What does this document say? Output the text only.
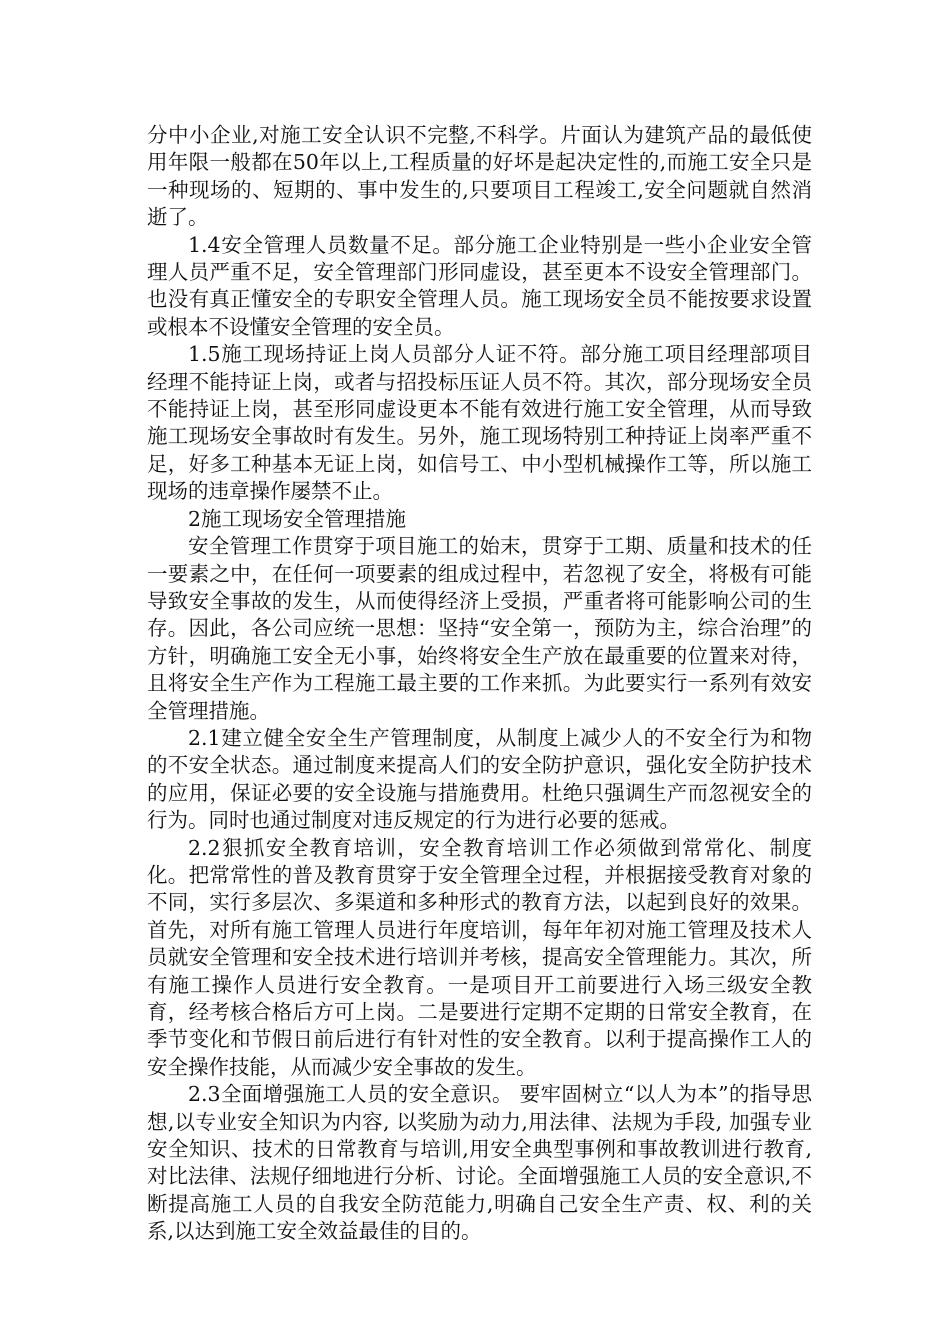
分中小企业,对施工安全认识不完整,不科学。片面认为建筑产品的最低使用年限一般都在50年以上,工程质量的好坏是起决定性的,而施工安全只是一种现场的、短期的、事中发生的,只要项目工程竣工,安全问题就自然消逝了。

1.4安全管理人员数量不足。部分施工企业特别是一些小企业安全管理人员严重不足，安全管理部门形同虚设，甚至更本不设安全管理部门。也没有真正懂安全的专职安全管理人员。施工现场安全员不能按要求设置或根本不设懂安全管理的安全员。

1.5施工现场持证上岗人员部分人证不符。部分施工项目经理部项目经理不能持证上岗，或者与招投标压证人员不符。其次，部分现场安全员不能持证上岗，甚至形同虚设更本不能有效进行施工安全管理，从而导致施工现场安全事故时有发生。另外，施工现场特别工种持证上岗率严重不足，好多工种基本无证上岗，如信号工、中小型机械操作工等，所以施工现场的违章操作屡禁不止。

2施工现场安全管理措施

安全管理工作贯穿于项目施工的始末，贯穿于工期、质量和技术的任一要素之中，在任何一项要素的组成过程中，若忽视了安全，将极有可能导致安全事故的发生，从而使得经济上受损，严重者将可能影响公司的生存。因此，各公司应统一思想：坚持“安全第一，预防为主，综合治理”的方针，明确施工安全无小事，始终将安全生产放在最重要的位置来对待，且将安全生产作为工程施工最主要的工作来抓。为此要实行一系列有效安全管理措施。

2.1建立健全安全生产管理制度，从制度上减少人的不安全行为和物的不安全状态。通过制度来提高人们的安全防护意识，强化安全防护技术的应用，保证必要的安全设施与措施费用。杜绝只强调生产而忽视安全的行为。同时也通过制度对违反规定的行为进行必要的惩戒。

2.2狠抓安全教育培训，安全教育培训工作必须做到常常化、制度化。把常常性的普及教育贯穿于安全管理全过程，并根据接受教育对象的不同，实行多层次、多渠道和多种形式的教育方法，以起到良好的效果。首先，对所有施工管理人员进行年度培训，每年年初对施工管理及技术人员就安全管理和安全技术进行培训并考核，提高安全管理能力。其次，所有施工操作人员进行安全教育。一是项目开工前要进行入场三级安全教育，经考核合格后方可上岗。二是要进行定期不定期的日常安全教育，在季节变化和节假日前后进行有针对性的安全教育。以利于提高操作工人的安全操作技能，从而减少安全事故的发生。

2.3全面增强施工人员的安全意识。 要牢固树立“以人为本”的指导思想,以专业安全知识为内容, 以奖励为动力,用法律、法规为手段, 加强专业安全知识、技术的日常教育与培训,用安全典型事例和事故教训进行教育,对比法律、法规仔细地进行分析、讨论。全面增强施工人员的安全意识,不断提高施工人员的自我安全防范能力,明确自己安全生产责、权、利的关系,以达到施工安全效益最佳的目的。
